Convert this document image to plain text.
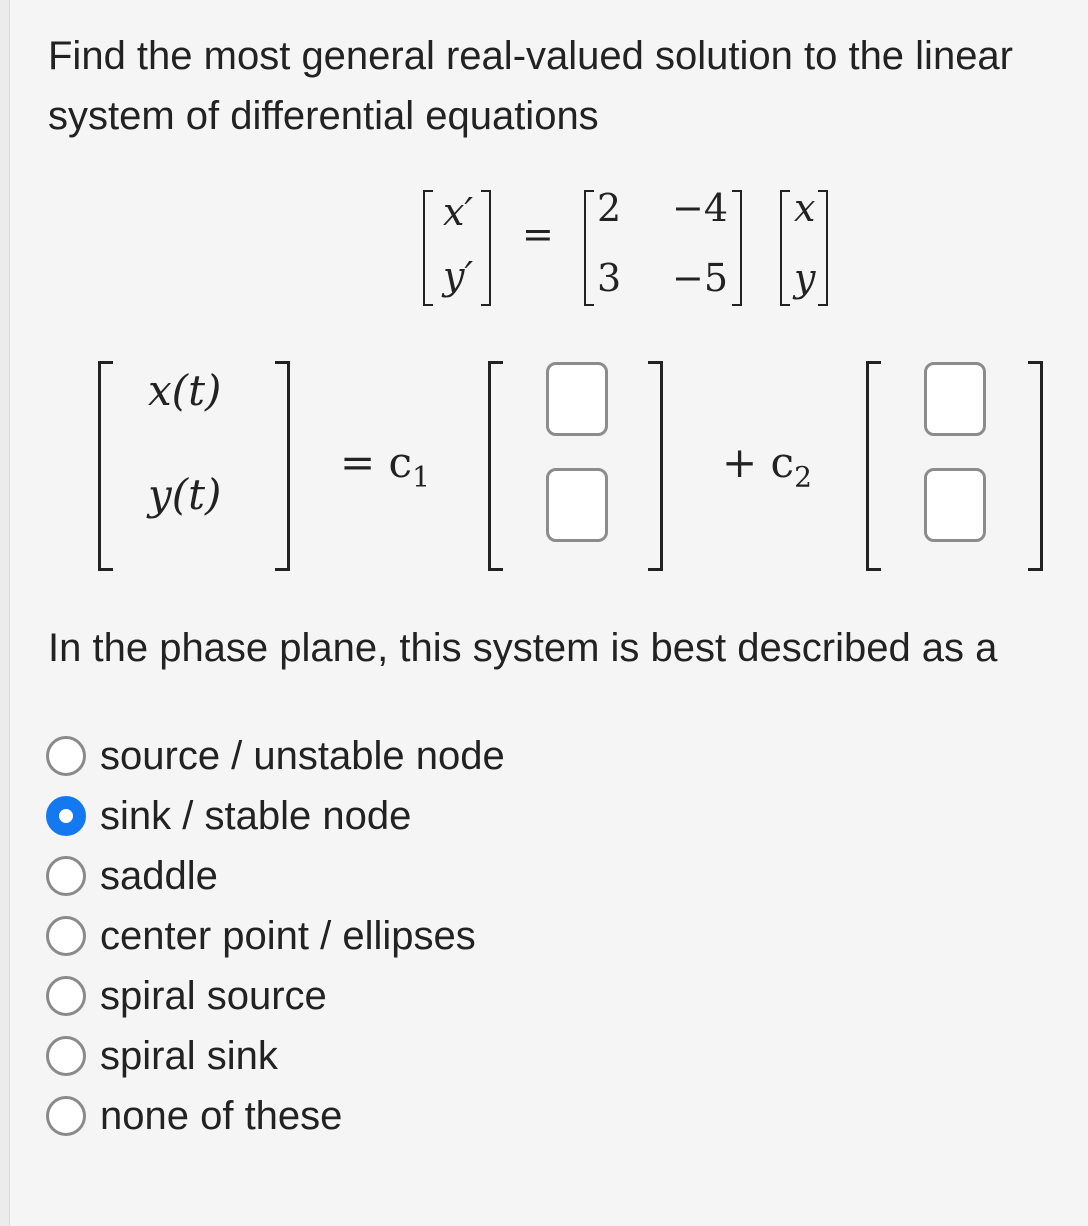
Find the most general real-valued solution to the linear
system of differential equations
x′
y′
=
2 −4
3 −5
x
y
x(t)
y(t)
= $c_1$	+ $c_2$

In the phase plane, this system is best described as a

source / unstable node
sink / stable node
saddle
center point / ellipses
spiral source
spiral sink
none of these
